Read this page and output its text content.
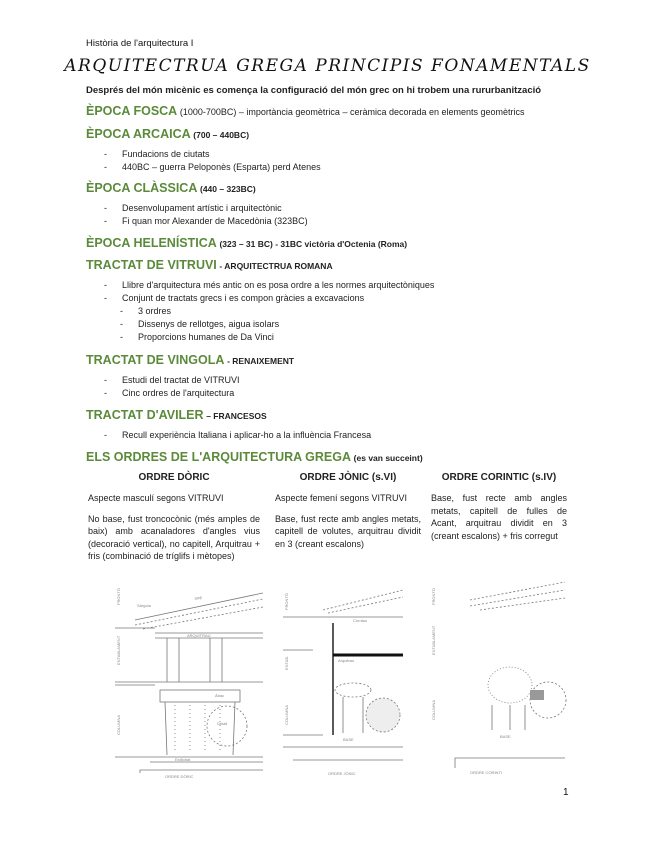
Història de l'arquitectura I
ARQUITECTRUA GREGA PRINCIPIS FONAMENTALS
Després del món micènic es comença la configuració del món grec on hi trobem una rururbanització
ÈPOCA FOSCA (1000-700BC) – importància geomètrica – ceràmica decorada en elements geomètrics
ÈPOCA ARCAICA (700 – 440BC)
- Fundacions de ciutats
- 440BC – guerra Peloponès (Esparta) perd Atenes
ÈPOCA CLÀSSICA (440 – 323BC)
- Desenvolupament artístic i arquitectònic
- Fi quan mor Alexander de Macedònia (323BC)
ÈPOCA HELENÍSTICA (323 – 31 BC) - 31BC victòria d'Octenia (Roma)
TRACTAT DE VITRUVI - ARQUITECTRUA ROMANA
- Llibre d'arquitectura més antic on es posa ordre a les normes arquitectòniques
- Conjunt de tractats grecs i es compon gràcies a excavacions
- 3 ordres
- Dissenys de rellotges, aigua isolars
- Proporcions humanes de Da Vinci
TRACTAT DE VINGOLA - RENAIXEMENT
- Estudi del tractat de VITRUVI
- Cinc ordres de l'arquitectura
TRACTAT D'AVILER – FRANCESOS
- Recull experiència Italiana i aplicar-ho a la influència Francesa
ELS ORDRES DE L'ARQUITECTURA GREGA (es van succeint)
ORDRE DÒRIC

Aspecte masculí segons VITRUVI

No base, fust troncocònic (més amples de baix) amb acanaladores d'angles vius (decoració vertical), no capitell, Arquitrau + fris (combinació de tríglifs i mètopes)

ORDRE JÒNIC (s.VI)

Aspecte femení segons VITRUVI

Base, fust recte amb angles metats, capitell de volutes, arquitrau dividit en 3 (creant escalons)

ORDRE CORINTIC (s.IV)

Base, fust recte amb angles metats, capitell de fulles de Acant, arquitrau dividit en 3 (creant escalons) + fris corregut

FRONTÓ
Sàrgola
timp
ARQUITRAU
ENTABLAMENT
Àbac
COLUMNA	Detall
Estilobat
ORDRE DÒRIC
FRONTÓ
Cornisa
ENTAB.	Arquitrau
COLUMNA
BASE
ORDRE JÒNIC
FRONTÓ
ENTABLAMENT
COLUMNA
BASE
ORDRE CORINTI
1
